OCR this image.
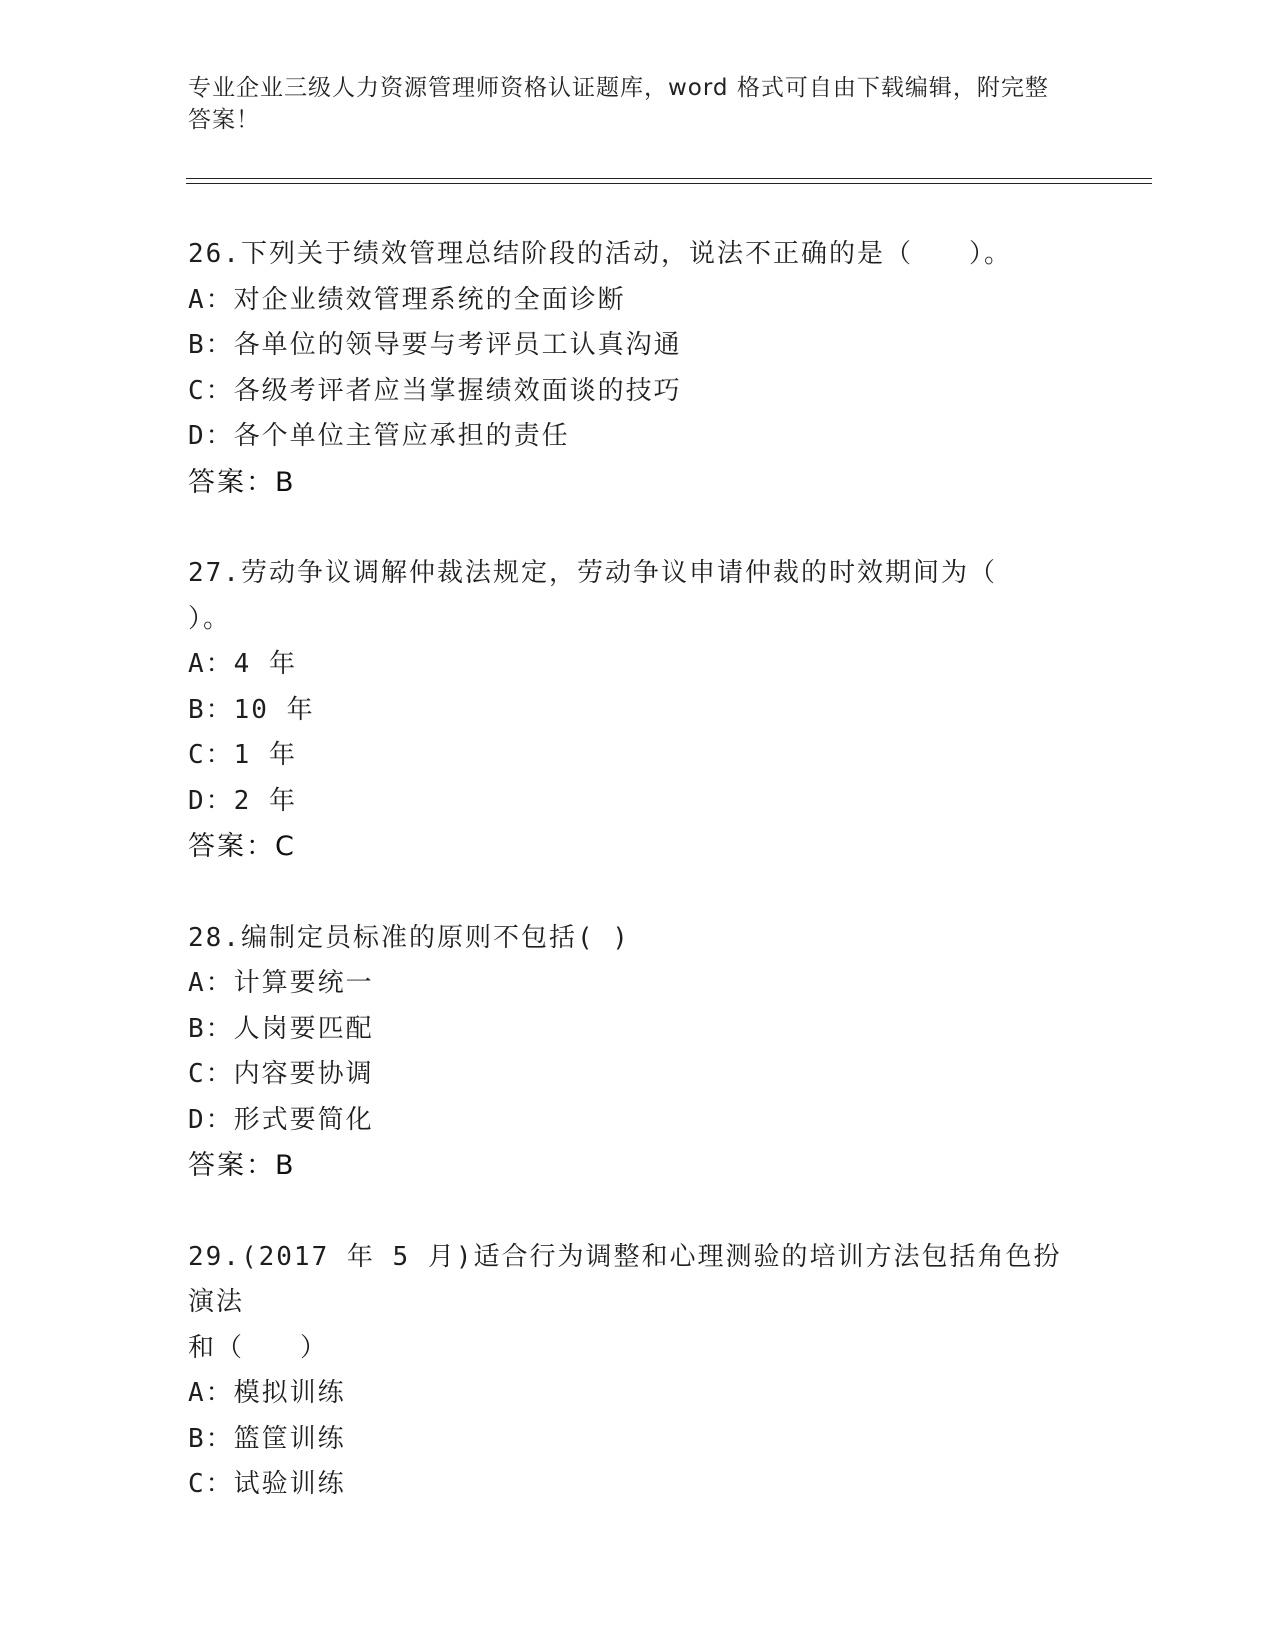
专业企业三级人力资源管理师资格认证题库，word 格式可自由下载编辑，附完整
答案！
26.下列关于绩效管理总结阶段的活动，说法不正确的是（　　）。
A：对企业绩效管理系统的全面诊断
B：各单位的领导要与考评员工认真沟通
C：各级考评者应当掌握绩效面谈的技巧
D：各个单位主管应承担的责任
答案：B
27.劳动争议调解仲裁法规定，劳动争议申请仲裁的时效期间为（
）。
A：4 年
B：10 年
C：1 年
D：2 年
答案：C
28.编制定员标准的原则不包括( )
A：计算要统一
B：人岗要匹配
C：内容要协调
D：形式要简化
答案：B
29.(2017 年 5 月)适合行为调整和心理测验的培训方法包括角色扮演法
和（　　）
A：模拟训练
B：篮筐训练
C：试验训练
